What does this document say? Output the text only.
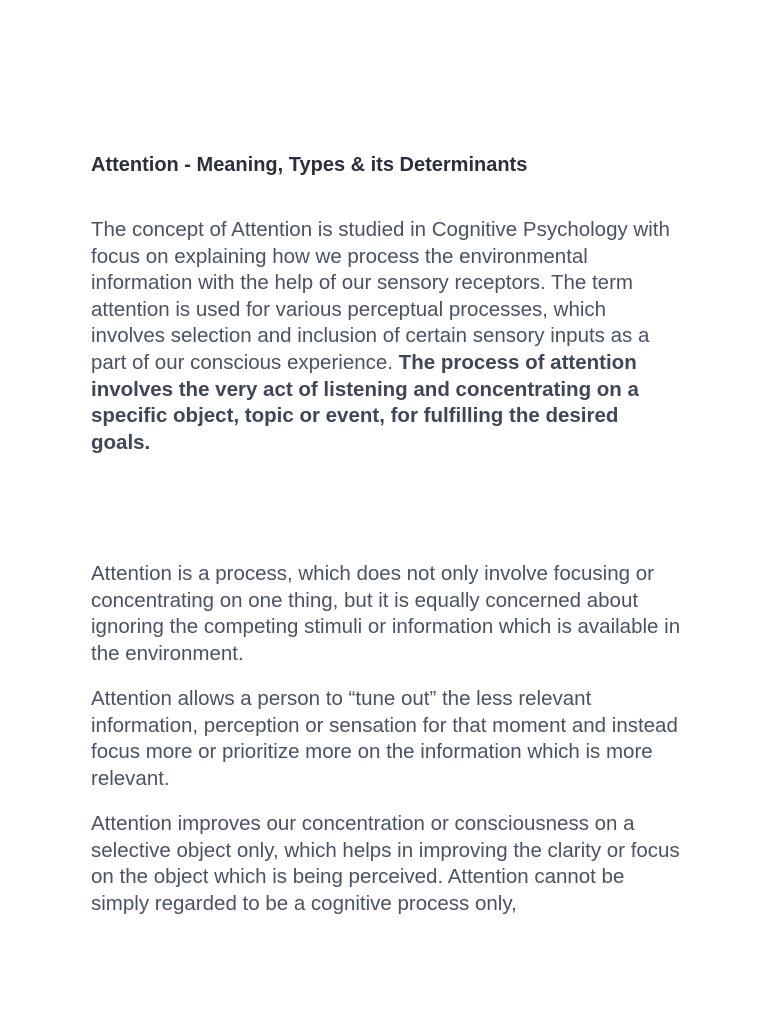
Attention - Meaning, Types & its Determinants

The concept of Attention is studied in Cognitive Psychology with focus on explaining how we process the environmental information with the help of our sensory receptors. The term attention is used for various perceptual processes, which involves selection and inclusion of certain sensory inputs as a part of our conscious experience. The process of attention involves the very act of listening and concentrating on a specific object, topic or event, for fulfilling the desired goals.

Attention is a process, which does not only involve focusing or concentrating on one thing, but it is equally concerned about ignoring the competing stimuli or information which is available in the environment.

Attention allows a person to “tune out” the less relevant information, perception or sensation for that moment and instead focus more or prioritize more on the information which is more relevant.

Attention improves our concentration or consciousness on a selective object only, which helps in improving the clarity or focus on the object which is being perceived. Attention cannot be simply regarded to be a cognitive process only,
